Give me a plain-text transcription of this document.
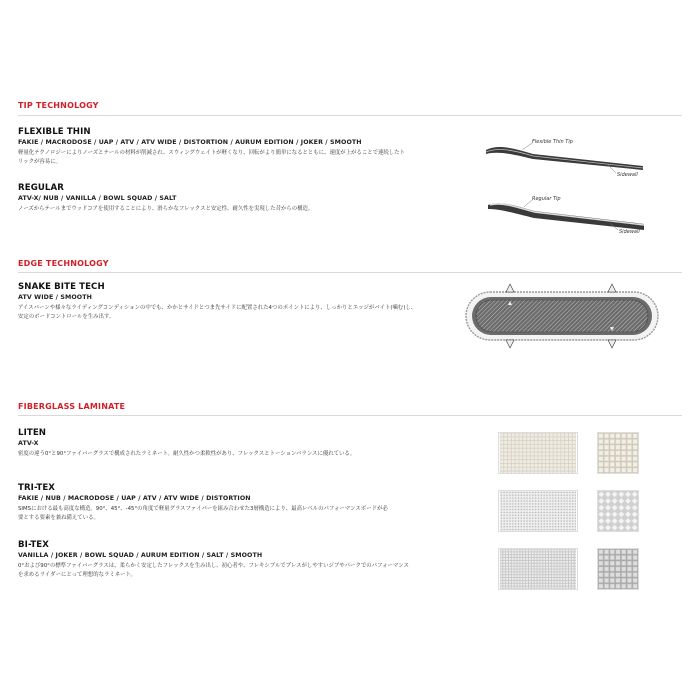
TIP TECHNOLOGY
FLEXIBLE THIN
FAKIE / MACRODOSE / UAP / ATV / ATV WIDE / DISTORTION / AURUM EDITION / JOKER / SMOOTH
軽量化テクノロジーによりノーズとテールの材料が削減され、スウィングウェイトが軽くなり、回転がより簡単になるとともに、速度が上がることで連続したト
リックが容易に。
REGULAR
ATV-X/ NUB / VANILLA / BOWL SQUAD / SALT
ノーズからテールまでウッドコアを使用することにより、滑らかなフレックスと安定性、耐久性を実現した昔からの構造。
Flexible Thin Tip
Sidewall
Regular Tip
Sidewall
EDGE TECHNOLOGY
SNAKE BITE TECH
ATV WIDE / SMOOTH
アイスバーンや様々なライディングコンディションの中でも、かかとサイドとつま先サイドに配置された4つのポイントにより、しっかりとエッジがバイト(噛む)し、
安定のボードコントロールを生み出す。
FIBERGLASS LAMINATE
LITEN
ATV-X
密度の違う0°と90°ファイバーグラスで構成されたラミネート。耐久性かつ柔軟性があり、フレックスとトーションバランスに優れている。
TRI-TEX
FAKIE / NUB / MACRODOSE / UAP / ATV / ATV WIDE / DISTORTION
SIMSにおける最も高度な構造。90°、45°、-45°の角度で軽量グラスファイバーを組み合わせた3層構造により、最高レベルのパフォーマンスボードが必
要とする要素を兼ね備えている。
BI-TEX
VANILLA / JOKER / BOWL SQUAD / AURUM EDITION / SALT / SMOOTH
0°および90°の標準ファイバーグラスは、柔らかく安定したフレックスを生み出し、初心者や、フレキシブルでプレスがしやすいジブやパークでのパフォーマンス
を求めるライダーにとって理想的なラミネート。
